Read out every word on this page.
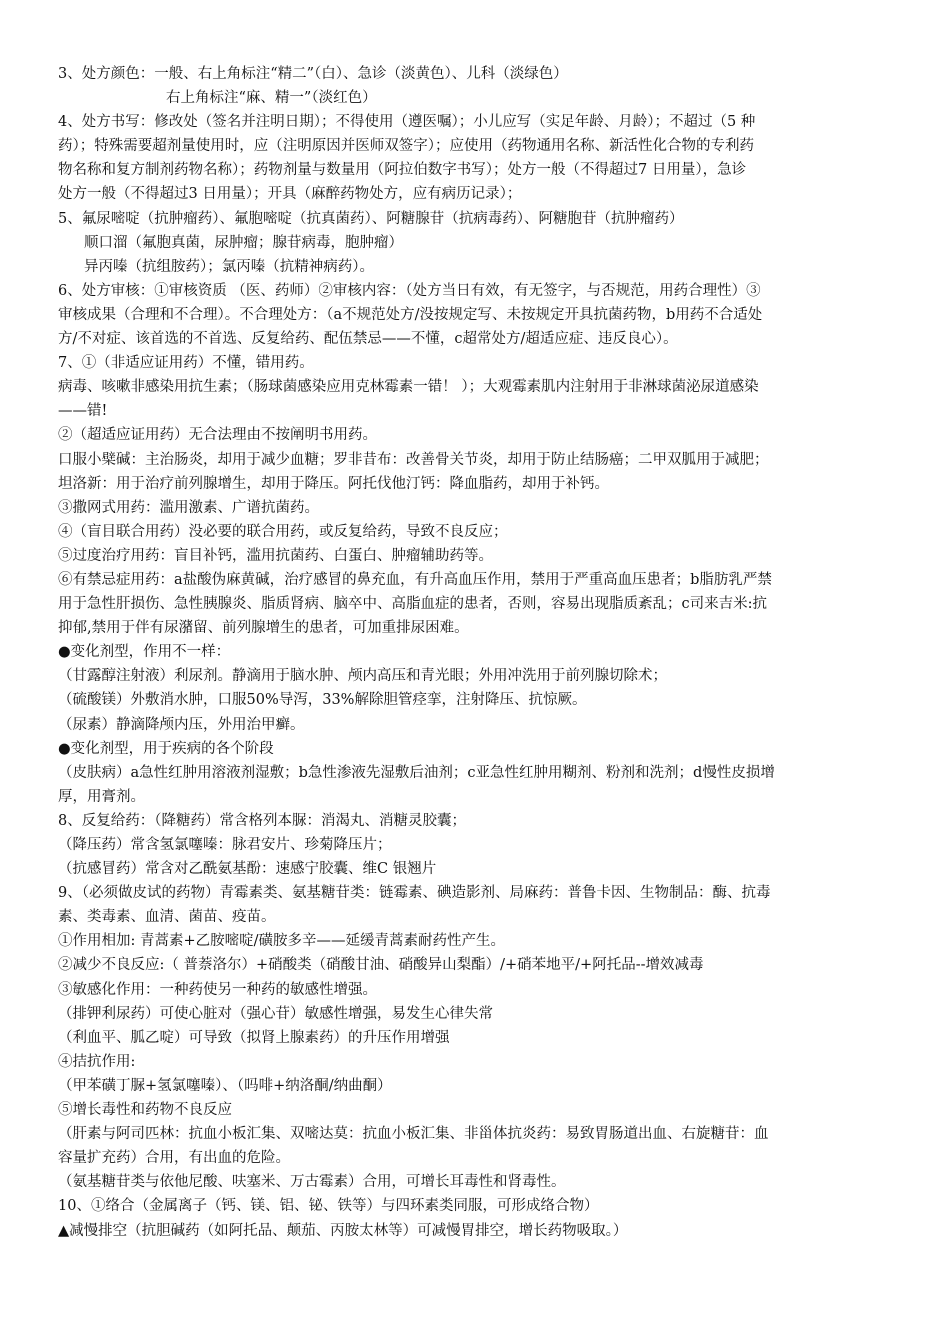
3、处方颜色：一般、右上角标注“精二”（白）、急诊（淡黄色）、儿科（淡绿色）
右上角标注“麻、精一”（淡红色）
4、处方书写：修改处（签名并注明日期）；不得使用（遵医嘱）；小儿应写（实足年龄、月龄）；不超过（5 种
药）；特殊需要超剂量使用时，应（注明原因并医师双签字）；应使用（药物通用名称、新活性化合物的专利药
物名称和复方制剂药物名称）；药物剂量与数量用（阿拉伯数字书写）；处方一般（不得超过7 日用量），急诊
处方一般（不得超过3 日用量）；开具（麻醉药物处方，应有病历记录）；
5、氟尿嘧啶（抗肿瘤药）、氟胞嘧啶（抗真菌药）、阿糖腺苷（抗病毒药）、阿糖胞苷（抗肿瘤药）
顺口溜（氟胞真菌，尿肿瘤；腺苷病毒，胞肿瘤）
异丙嗪（抗组胺药）；氯丙嗪（抗精神病药）。
6、处方审核：①审核资质 （医、药师）②审核内容：（处方当日有效，有无签字，与否规范，用药合理性）③
审核成果（合理和不合理）。不合理处方：（a不规范处方/没按规定写、未按规定开具抗菌药物，b用药不合适处
方/不对症、该首选的不首选、反复给药、配伍禁忌——不懂，c超常处方/超适应症、违反良心）。
7、①（非适应证用药）不懂，错用药。
病毒、咳嗽非感染用抗生素；（肠球菌感染应用克林霉素一错！ ）；大观霉素肌内注射用于非淋球菌泌尿道感染
——错!
②（超适应证用药）无合法理由不按阐明书用药。
口服小檗碱：主治肠炎，却用于减少血糖；罗非昔布：改善骨关节炎，却用于防止结肠癌；二甲双胍用于减肥；
坦洛新：用于治疗前列腺增生，却用于降压。阿托伐他汀钙：降血脂药，却用于补钙。
③撒网式用药：滥用激素、广谱抗菌药。
④（盲目联合用药）没必要的联合用药，或反复给药，导致不良反应；
⑤过度治疗用药：盲目补钙，滥用抗菌药、白蛋白、肿瘤辅助药等。
⑥有禁忌症用药：a盐酸伪麻黄碱，治疗感冒的鼻充血，有升高血压作用，禁用于严重高血压患者；b脂肪乳严禁
用于急性肝损伤、急性胰腺炎、脂质肾病、脑卒中、高脂血症的患者，否则，容易出现脂质紊乱；c司来吉米:抗
抑郁,禁用于伴有尿潴留、前列腺增生的患者，可加重排尿困难。
●变化剂型，作用不一样：
（甘露醇注射液）利尿剂。静滴用于脑水肿、颅内高压和青光眼；外用冲洗用于前列腺切除术；
（硫酸镁）外敷消水肿，口服50%导泻，33%解除胆管痉挛，注射降压、抗惊厥。
（尿素）静滴降颅内压，外用治甲癣。
●变化剂型，用于疾病的各个阶段
（皮肤病）a急性红肿用溶液剂湿敷；b急性渗液先湿敷后油剂；c亚急性红肿用糊剂、粉剂和洗剂；d慢性皮损增
厚，用膏剂。
8、反复给药：（降糖药）常含格列本脲：消渴丸、消糖灵胶囊；
（降压药）常含氢氯噻嗪：脉君安片、珍菊降压片；
（抗感冒药）常含对乙酰氨基酚：速感宁胶囊、维C 银翘片
9、（必须做皮试的药物）青霉素类、氨基糖苷类：链霉素、碘造影剂、局麻药：普鲁卡因、生物制品：酶、抗毒
素、类毒素、血清、菌苗、疫苗。
①作用相加: 青蒿素+乙胺嘧啶/磺胺多辛——延缓青蒿素耐药性产生。
②减少不良反应:（ 普萘洛尔）+硝酸类（硝酸甘油、硝酸异山梨酯）/+硝苯地平/+阿托品--增效减毒
③敏感化作用：一种药使另一种药的敏感性增强。
（排钾利尿药）可使心脏对（强心苷）敏感性增强，易发生心律失常
（利血平、胍乙啶）可导致（拟肾上腺素药）的升压作用增强
④拮抗作用:
（甲苯磺丁脲+氢氯噻嗪）、（吗啡+纳洛酮/纳曲酮）
⑤增长毒性和药物不良反应
（肝素与阿司匹林：抗血小板汇集、双嘧达莫：抗血小板汇集、非甾体抗炎药：易致胃肠道出血、右旋糖苷：血
容量扩充药）合用，有出血的危险。
（氨基糖苷类与依他尼酸、呋塞米、万古霉素）合用，可增长耳毒性和肾毒性。
10、①络合（金属离子（钙、镁、铝、铋、铁等）与四环素类同服，可形成络合物）
▲减慢排空（抗胆碱药（如阿托品、颠茄、丙胺太林等）可减慢胃排空，增长药物吸取。）
